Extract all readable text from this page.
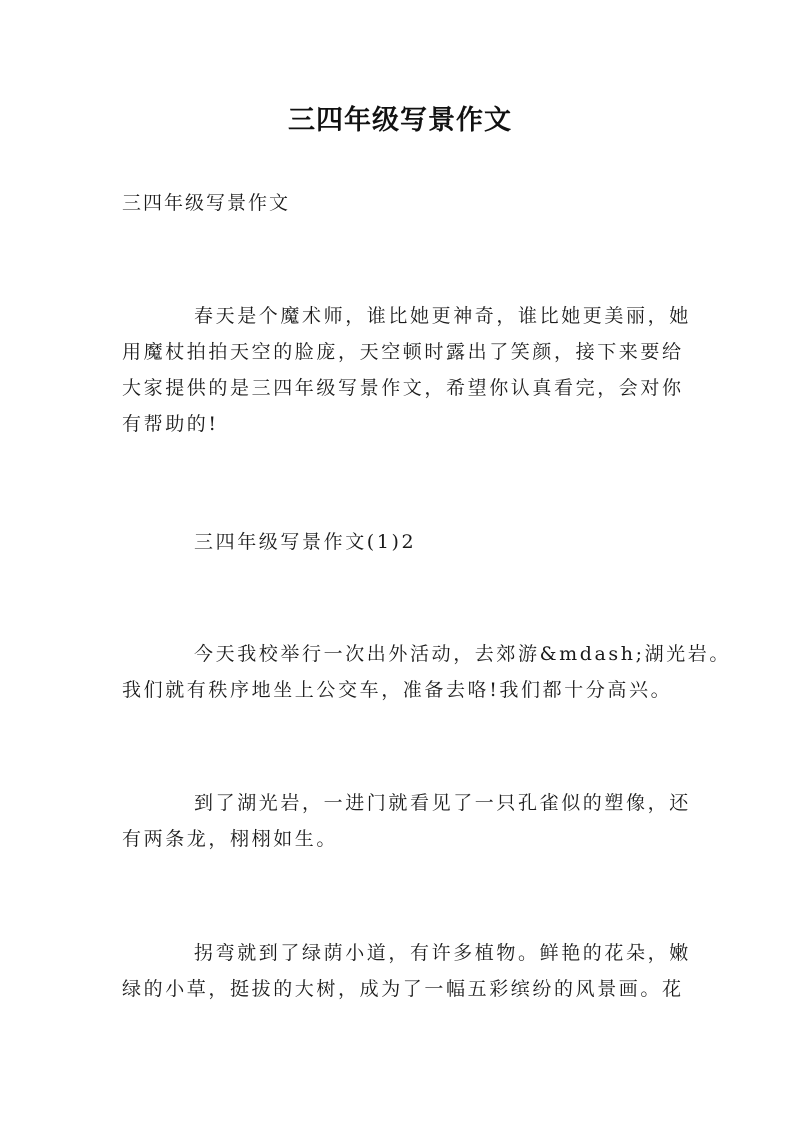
三四年级写景作文

三四年级写景作文

春天是个魔术师，谁比她更神奇，谁比她更美丽，她
用魔杖拍拍天空的脸庞，天空顿时露出了笑颜，接下来要给
大家提供的是三四年级写景作文，希望你认真看完，会对你
有帮助的!
三四年级写景作文(1)2
今天我校举行一次出外活动，去郊游&mdash;湖光岩。
我们就有秩序地坐上公交车，准备去咯!我们都十分高兴。
到了湖光岩，一进门就看见了一只孔雀似的塑像，还
有两条龙，栩栩如生。
拐弯就到了绿荫小道，有许多植物。鲜艳的花朵，嫩
绿的小草，挺拔的大树，成为了一幅五彩缤纷的风景画。花
